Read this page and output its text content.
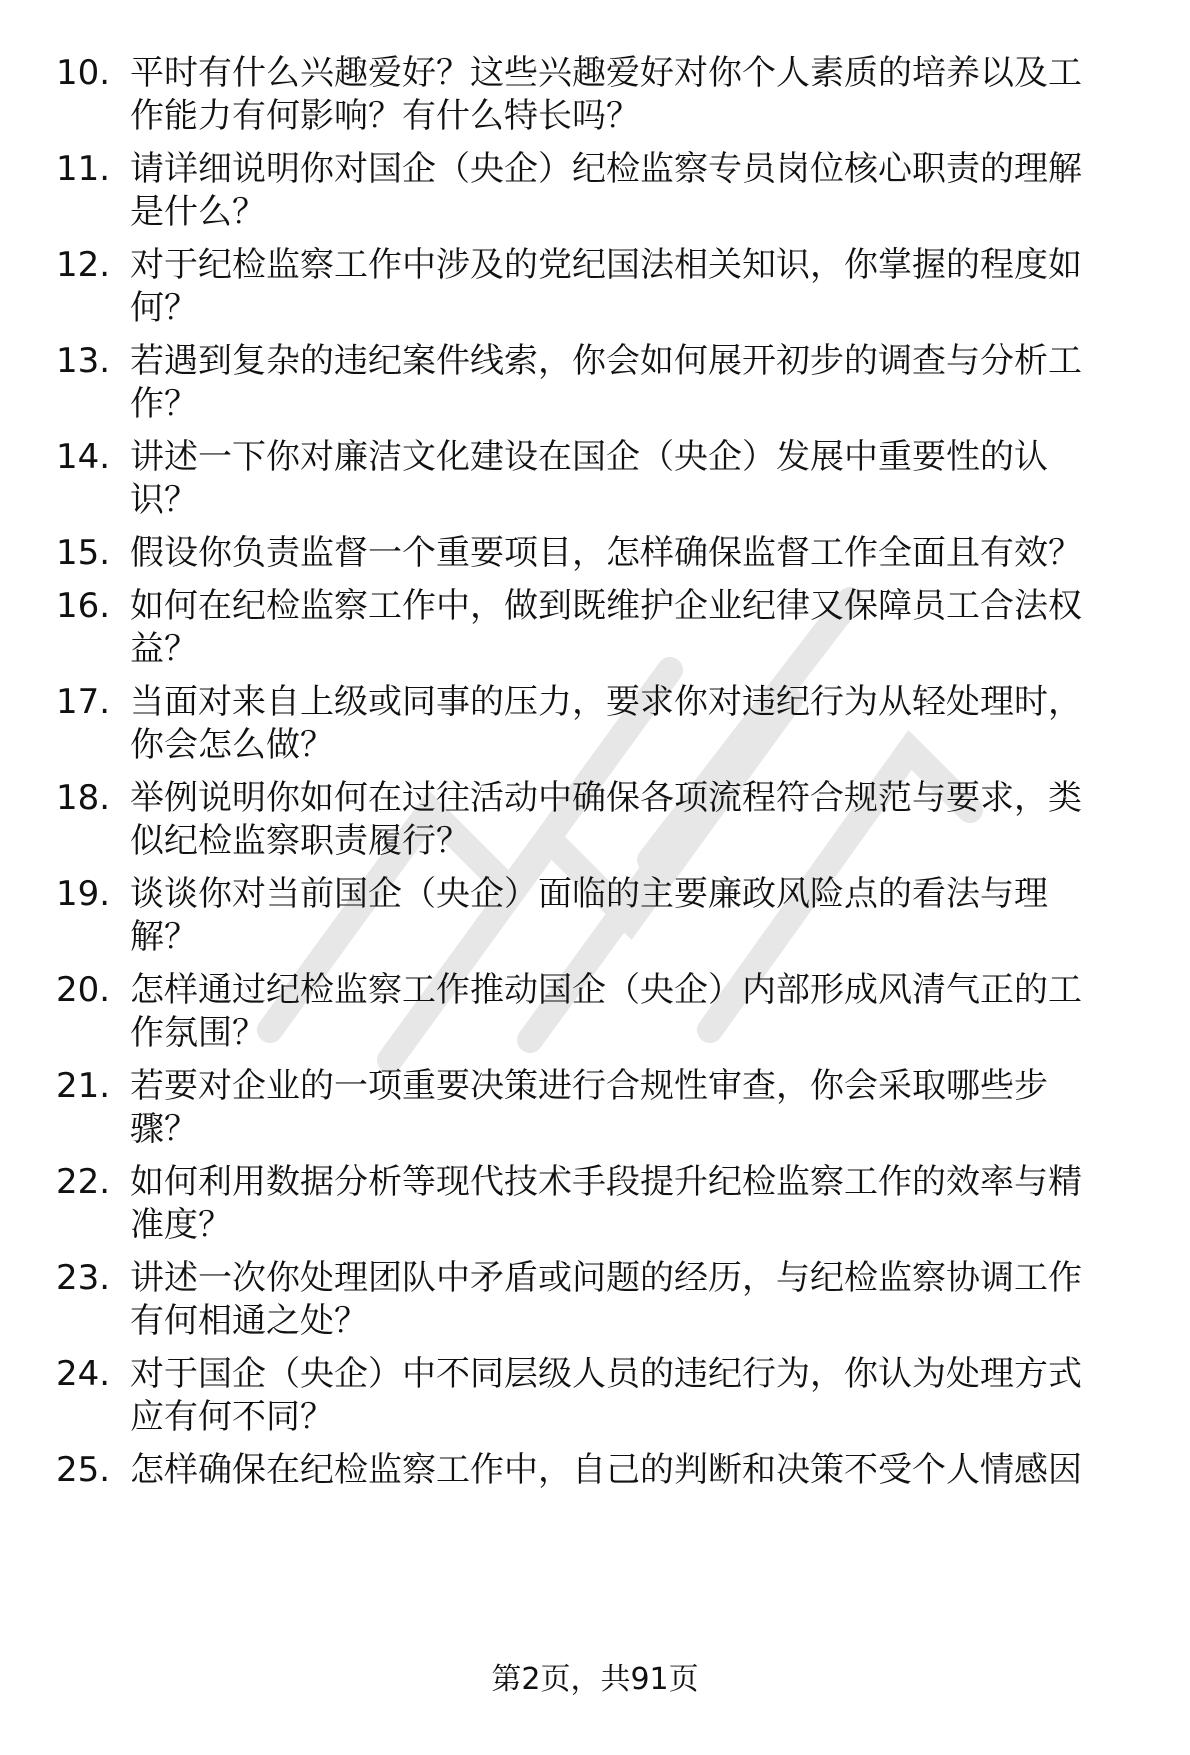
10. 平时有什么兴趣爱好？这些兴趣爱好对你个人素质的培养以及工
作能力有何影响？有什么特长吗？
11. 请详细说明你对国企（央企）纪检监察专员岗位核心职责的理解
是什么？
12. 对于纪检监察工作中涉及的党纪国法相关知识，你掌握的程度如
何？
13. 若遇到复杂的违纪案件线索，你会如何展开初步的调查与分析工
作？
14. 讲述一下你对廉洁文化建设在国企（央企）发展中重要性的认
识？
15. 假设你负责监督一个重要项目，怎样确保监督工作全面且有效？
16. 如何在纪检监察工作中，做到既维护企业纪律又保障员工合法权
益？
17. 当面对来自上级或同事的压力，要求你对违纪行为从轻处理时，
你会怎么做？
18. 举例说明你如何在过往活动中确保各项流程符合规范与要求，类
似纪检监察职责履行？
19. 谈谈你对当前国企（央企）面临的主要廉政风险点的看法与理
解？
20. 怎样通过纪检监察工作推动国企（央企）内部形成风清气正的工
作氛围？
21. 若要对企业的一项重要决策进行合规性审查，你会采取哪些步
骤？
22. 如何利用数据分析等现代技术手段提升纪检监察工作的效率与精
准度？
23. 讲述一次你处理团队中矛盾或问题的经历，与纪检监察协调工作
有何相通之处？
24. 对于国企（央企）中不同层级人员的违纪行为，你认为处理方式
应有何不同？
25. 怎样确保在纪检监察工作中，自己的判断和决策不受个人情感因
第2页，共91页
